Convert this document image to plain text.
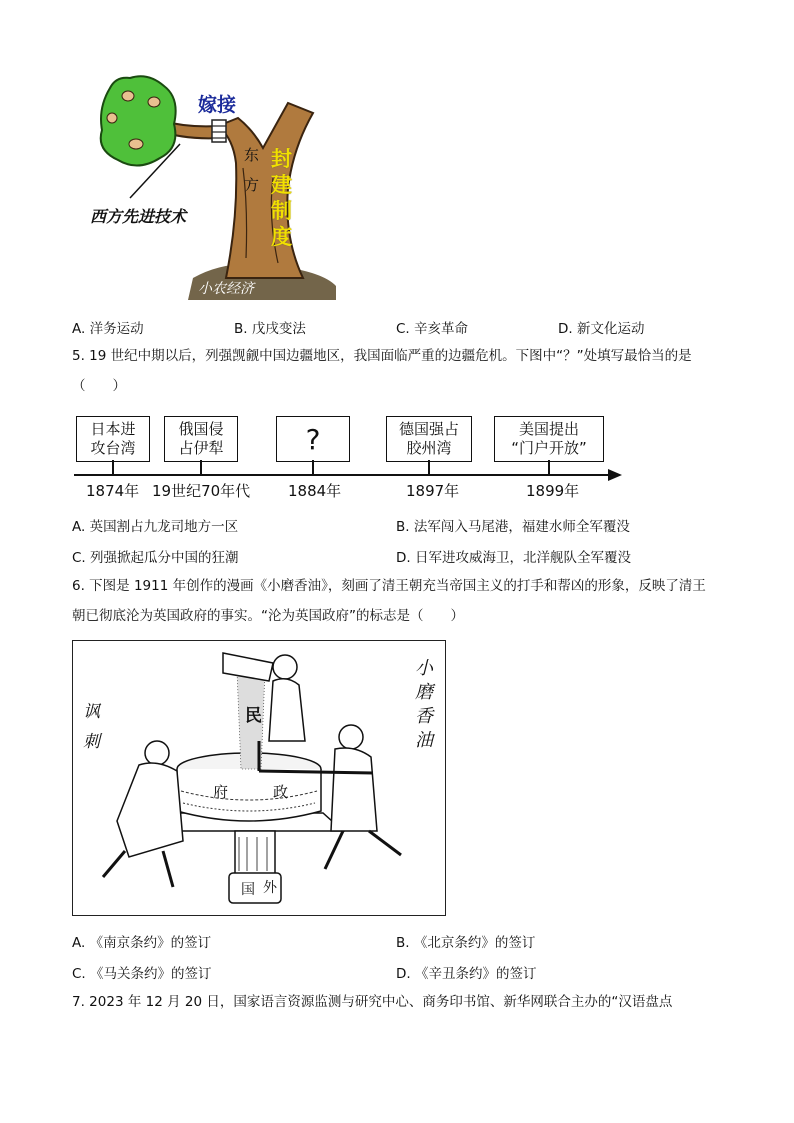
嫁接
东方
封建制度
西方先进技术
小农经济
A. 洋务运动	B. 戊戌变法	C. 辛亥革命	D. 新文化运动
5. 19 世纪中期以后，列强觊觎中国边疆地区，我国面临严重的边疆危机。下图中“？”处填写最恰当的是
（　　）
日本进
攻台湾
1874年
俄国侵
占伊犁
19世纪70年代
?
1884年
德国强占
胶州湾
1897年
美国提出
“门户开放”
1899年
A. 英国割占九龙司地方一区	B. 法军闯入马尾港，福建水师全军覆没
C. 列强掀起瓜分中国的狂潮	D. 日军进攻威海卫，北洋舰队全军覆没
6. 下图是 1911 年创作的漫画《小磨香油》，刻画了清王朝充当帝国主义的打手和帮凶的形象，反映了清王
朝已彻底沦为英国政府的事实。“沦为英国政府”的标志是（　　）
小磨香油
讽刺
民
府	政
国 外
A. 《南京条约》的签订	B. 《北京条约》的签订
C. 《马关条约》的签订	D. 《辛丑条约》的签订
7. 2023 年 12 月 20 日，国家语言资源监测与研究中心、商务印书馆、新华网联合主办的“汉语盘点
